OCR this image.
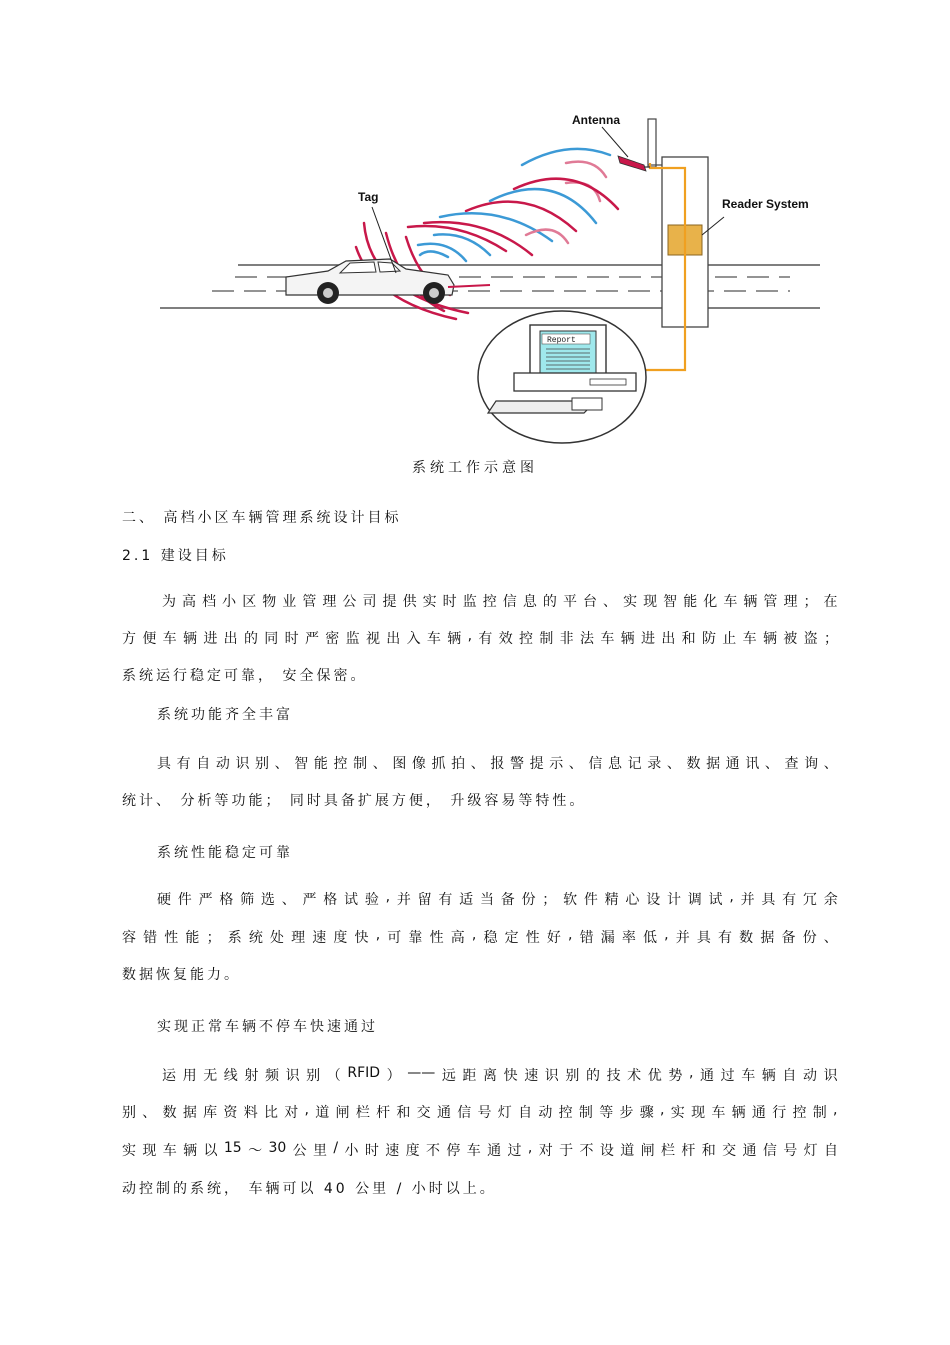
Antenna
Reader System
Tag
Report
系统工作示意图
二、 高档小区车辆管理系统设计目标
2.1 建设目标
为 高 档 小 区 物 业 管 理 公 司 提 供 实 时 监 控 信 息 的 平 台 、 实 现 智 能 化 车 辆 管 理 ； 在
方 便 车 辆 进 出 的 同 时 严 密 监 视 出 入 车 辆 , 有 效 控 制 非 法 车 辆 进 出 和 防 止 车 辆 被 盗 ；
系统运行稳定可靠， 安全保密。
系统功能齐全丰富
具 有 自 动 识 别 、 智 能 控 制 、 图 像 抓 拍 、 报 警 提 示 、 信 息 记 录 、 数 据 通 讯 、 查 询 、
统计、 分析等功能； 同时具备扩展方便， 升级容易等特性。
系统性能稳定可靠
硬 件 严 格 筛 选 、 严 格 试 验 , 并 留 有 适 当 备 份 ； 软 件 精 心 设 计 调 试 , 并 具 有 冗 余
容 错 性 能 ； 系 统 处 理 速 度 快 , 可 靠 性 高 , 稳 定 性 好 , 错 漏 率 低 , 并 具 有 数 据 备 份 、
数据恢复能力。
实现正常车辆不停车快速通过
运 用 无 线 射 频 识 别 （ RFID ） —— 远 距 离 快 速 识 别 的 技 术 优 势 , 通 过 车 辆 自 动 识
别 、 数 据 库 资 料 比 对 , 道 闸 栏 杆 和 交 通 信 号 灯 自 动 控 制 等 步 骤 , 实 现 车 辆 通 行 控 制 ,
实 现 车 辆 以 15 ～ 30 公 里 / 小 时 速 度 不 停 车 通 过 , 对 于 不 设 道 闸 栏 杆 和 交 通 信 号 灯 自
动控制的系统， 车辆可以 40 公里 / 小时以上。
